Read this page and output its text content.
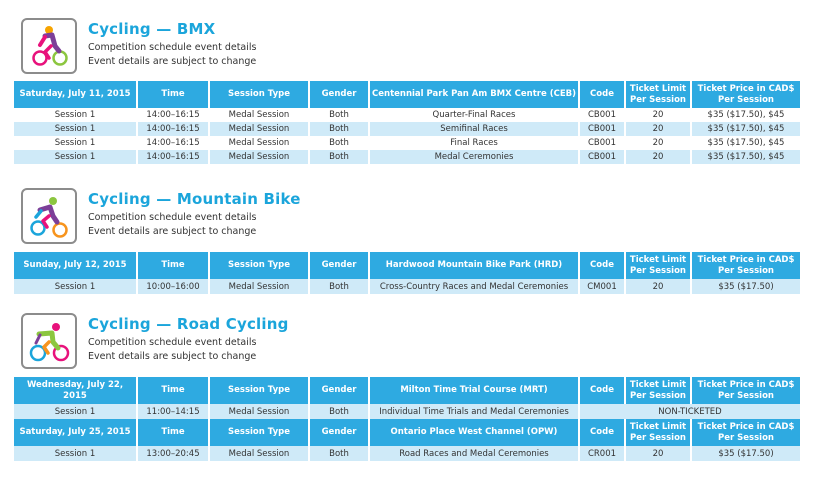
Cycling — BMX
Competition schedule event details
Event details are subject to change
Saturday, July 11, 2015	Time	Session Type	Gender	Centennial Park Pan Am BMX Centre (CEB)	Code	Ticket Limit Per Session	Ticket Price in CAD$ Per Session
Session 1	14:00–16:15	Medal Session	Both	Quarter-Final Races	CB001	20	$35 ($17.50), $45
Session 1	14:00–16:15	Medal Session	Both	Semifinal Races	CB001	20	$35 ($17.50), $45
Session 1	14:00–16:15	Medal Session	Both	Final Races	CB001	20	$35 ($17.50), $45
Session 1	14:00–16:15	Medal Session	Both	Medal Ceremonies	CB001	20	$35 ($17.50), $45
Cycling — Mountain Bike
Competition schedule event details
Event details are subject to change
Sunday, July 12, 2015	Time	Session Type	Gender	Hardwood Mountain Bike Park (HRD)	Code	Ticket Limit Per Session	Ticket Price in CAD$ Per Session
Session 1	10:00–16:00	Medal Session	Both	Cross-Country Races and Medal Ceremonies	CM001	20	$35 ($17.50)
Cycling — Road Cycling
Competition schedule event details
Event details are subject to change
Wednesday, July 22, 2015	Time	Session Type	Gender	Milton Time Trial Course (MRT)	Code	Ticket Limit Per Session	Ticket Price in CAD$ Per Session
Session 1	11:00–14:15	Medal Session	Both	Individual Time Trials and Medal Ceremonies	NON-TICKETED		
Saturday, July 25, 2015	Time	Session Type	Gender	Ontario Place West Channel (OPW)	Code	Ticket Limit Per Session	Ticket Price in CAD$ Per Session
Session 1	13:00–20:45	Medal Session	Both	Road Races and Medal Ceremonies	CR001	20	$35 ($17.50)
